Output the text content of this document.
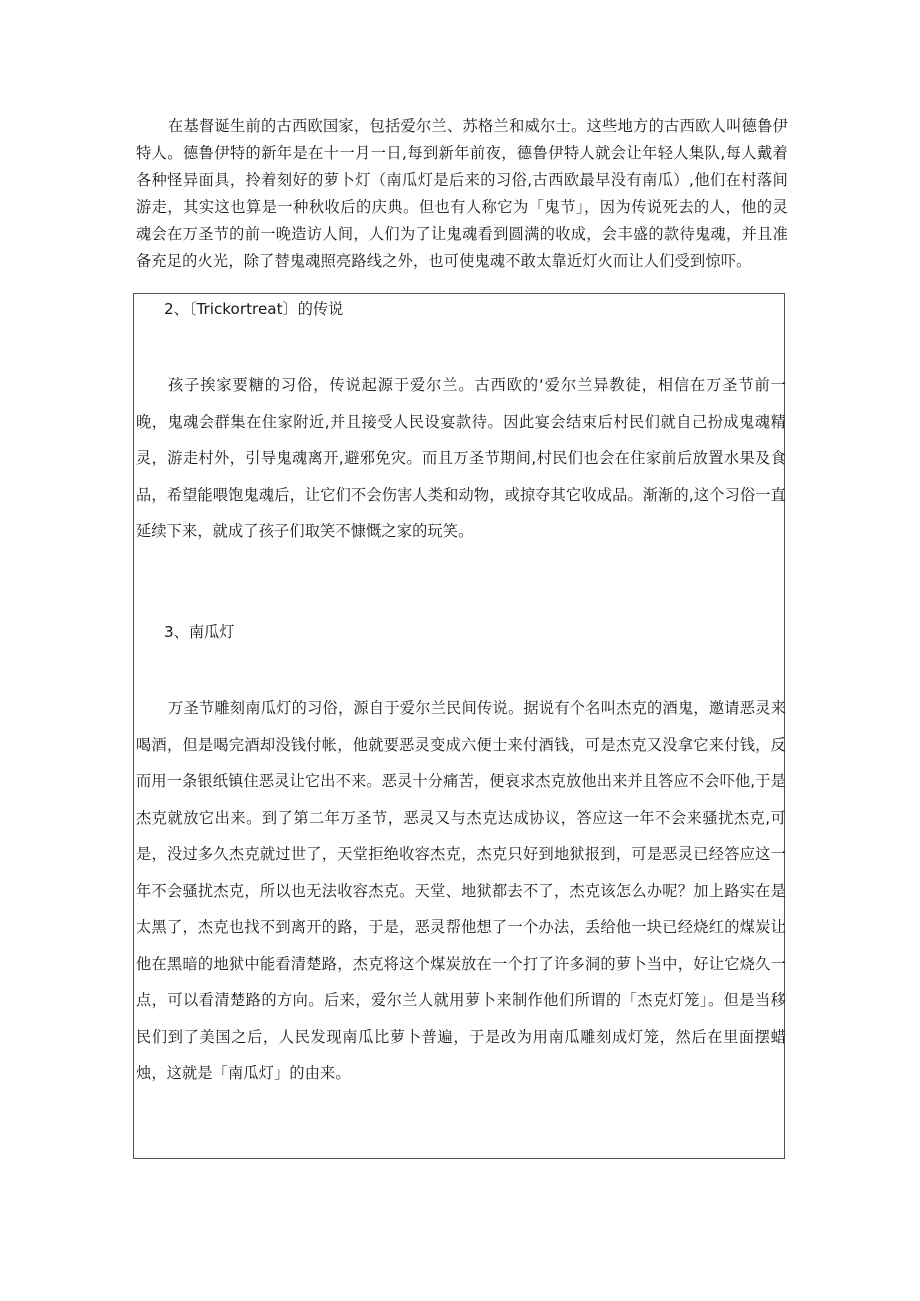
在基督诞生前的古西欧国家，包括爱尔兰、苏格兰和威尔士。这些地方的古西欧人叫德鲁伊特人。德鲁伊特的新年是在十一月一日,每到新年前夜，德鲁伊特人就会让年轻人集队,每人戴着各种怪异面具，拎着刻好的萝卜灯（南瓜灯是后来的习俗,古西欧最早没有南瓜）,他们在村落间游走，其实这也算是一种秋收后的庆典。但也有人称它为「鬼节」，因为传说死去的人，他的灵魂会在万圣节的前一晚造访人间，人们为了让鬼魂看到圆满的收成，会丰盛的款待鬼魂，并且准备充足的火光，除了替鬼魂照亮路线之外，也可使鬼魂不敢太靠近灯火而让人们受到惊吓。

2、〔Trickortreat〕的传说

孩子挨家要糖的习俗，传说起源于爱尔兰。古西欧的‘爱尔兰异教徒，相信在万圣节前一晚，鬼魂会群集在住家附近,并且接受人民设宴款待。因此宴会结束后村民们就自己扮成鬼魂精灵，游走村外，引导鬼魂离开,避邪免灾。而且万圣节期间,村民们也会在住家前后放置水果及食品，希望能喂饱鬼魂后，让它们不会伤害人类和动物，或掠夺其它收成品。渐渐的,这个习俗一直延续下来，就成了孩子们取笑不慷慨之家的玩笑。

3、南瓜灯

万圣节雕刻南瓜灯的习俗，源自于爱尔兰民间传说。据说有个名叫杰克的酒鬼，邀请恶灵来喝酒，但是喝完酒却没钱付帐，他就要恶灵变成六便士来付酒钱，可是杰克又没拿它来付钱，反而用一条银纸镇住恶灵让它出不来。恶灵十分痛苦，便哀求杰克放他出来并且答应不会吓他,于是杰克就放它出来。到了第二年万圣节，恶灵又与杰克达成协议，答应这一年不会来骚扰杰克,可是，没过多久杰克就过世了，天堂拒绝收容杰克，杰克只好到地狱报到，可是恶灵已经答应这一年不会骚扰杰克，所以也无法收容杰克。天堂、地狱都去不了，杰克该怎么办呢？加上路实在是太黑了，杰克也找不到离开的路，于是，恶灵帮他想了一个办法，丢给他一块已经烧红的煤炭让他在黑暗的地狱中能看清楚路，杰克将这个煤炭放在一个打了许多洞的萝卜当中，好让它烧久一点，可以看清楚路的方向。后来，爱尔兰人就用萝卜来制作他们所谓的「杰克灯笼」。但是当移民们到了美国之后，人民发现南瓜比萝卜普遍，于是改为用南瓜雕刻成灯笼，然后在里面摆蜡烛，这就是「南瓜灯」的由来。
